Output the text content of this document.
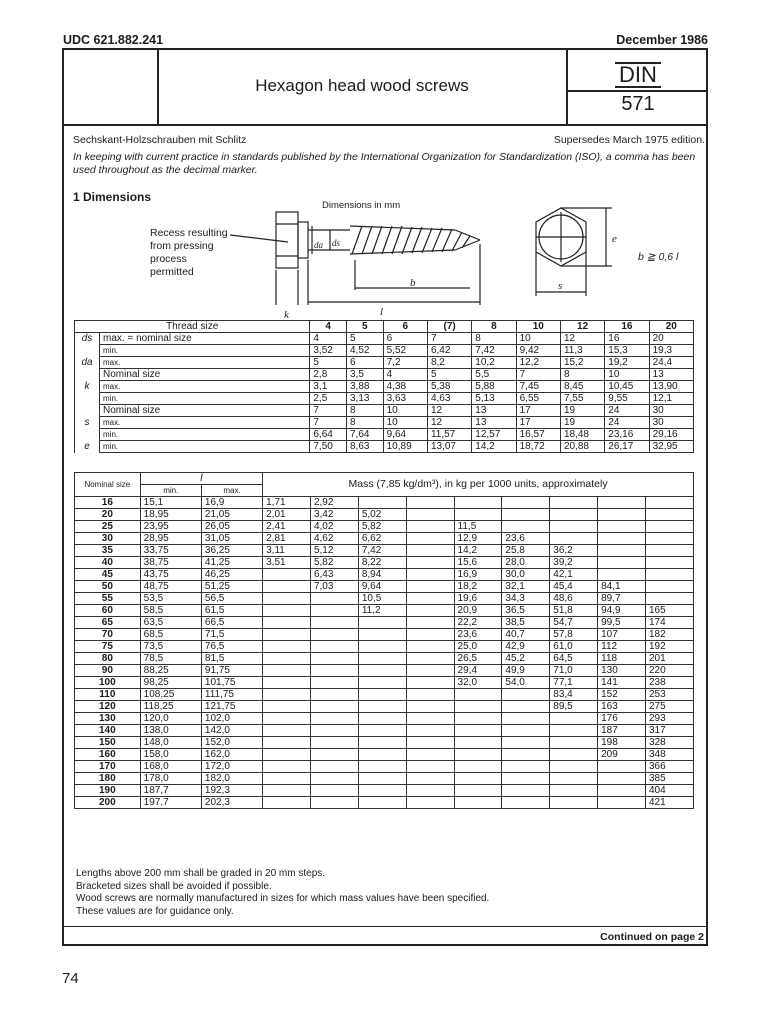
UDC 621.882.241	December 1986
Hexagon head wood screws	DIN
571
Sechskant-Holzschrauben mit Schlitz	Supersedes March 1975 edition.
In keeping with current practice in standards published by the International Organization for Standardization (ISO), a comma has been used throughout as the decimal marker.
1 Dimensions
Dimensions in mm
Recess resulting
from pressing
process
permitted
b ≧ 0,6 l
b
l
k
s
e
da ds
Thread size		4	5	6	(7)	8	10	12	16	20
ds	max. = nominal size	4	5	6	7	8	10	12	16	20
	min.	3,52	4,52	5,52	6,42	7,42	9,42	11,3	15,3	19,3
da	max.	5	6	7,2	8,2	10,2	12,2	15,2	19,2	24,4
	Nominal size	2,8	3,5	4	5	5,5	7	8	10	13
k	max.	3,1	3,88	4,38	5,38	5,88	7,45	8,45	10,45	13,90
	min.	2,5	3,13	3,63	4,63	5,13	6,55	7,55	9,55	12,1
	Nominal size	7	8	10	12	13	17	19	24	30
s	max.	7	8	10	12	13	17	19	24	30
	min.	6,64	7,64	9,64	11,57	12,57	16,57	18,48	23,16	29,16
e	min.	7,50	8,63	10,89	13,07	14,2	18,72	20,88	26,17	32,95
Nominal size	l		Mass (7,85 kg/dm³), in kg per 1000 units, approximately								
	min.	max.									
16	15,1	16,9	1,71	2,92							
20	18,95	21,05	2,01	3,42	5,02						
25	23,95	26,05	2,41	4,02	5,82		11,5				
30	28,95	31,05	2,81	4,62	6,62		12,9	23,6			
35	33,75	36,25	3,11	5,12	7,42		14,2	25,8	36,2		
40	38,75	41,25	3,51	5,82	8,22		15,6	28,0	39,2		
45	43,75	46,25		6,43	8,94		16,9	30,0	42,1		
50	48,75	51,25		7,03	9,64		18,2	32,1	45,4	84,1	
55	53,5	56,5			10,5		19,6	34,3	48,6	89,7	
60	58,5	61,5			11,2		20,9	36,5	51,8	94,9	165
65	63,5	66,5					22,2	38,5	54,7	99,5	174
70	68,5	71,5					23,6	40,7	57,8	107	182
75	73,5	76,5					25,0	42,9	61,0	112	192
80	78,5	81,5					26,5	45,2	64,5	118	201
90	88,25	91,75					29,4	49,9	71,0	130	220
100	98,25	101,75					32,0	54,0	77,1	141	238
110	108,25	111,75							83,4	152	253
120	118,25	121,75							89,5	163	275
130	120,0	102,0								176	293
140	138,0	142,0								187	317
150	148,0	152,0								198	328
160	158,0	162,0								209	348
170	168,0	172,0									366
180	178,0	182,0									385
190	187,7	192,3									404
200	197,7	202,3									421
Lengths above 200 mm shall be graded in 20 mm steps.
Bracketed sizes shall be avoided if possible.
Wood screws are normally manufactured in sizes for which mass values have been specified.
These values are for guidance only.
Continued on page 2
74
